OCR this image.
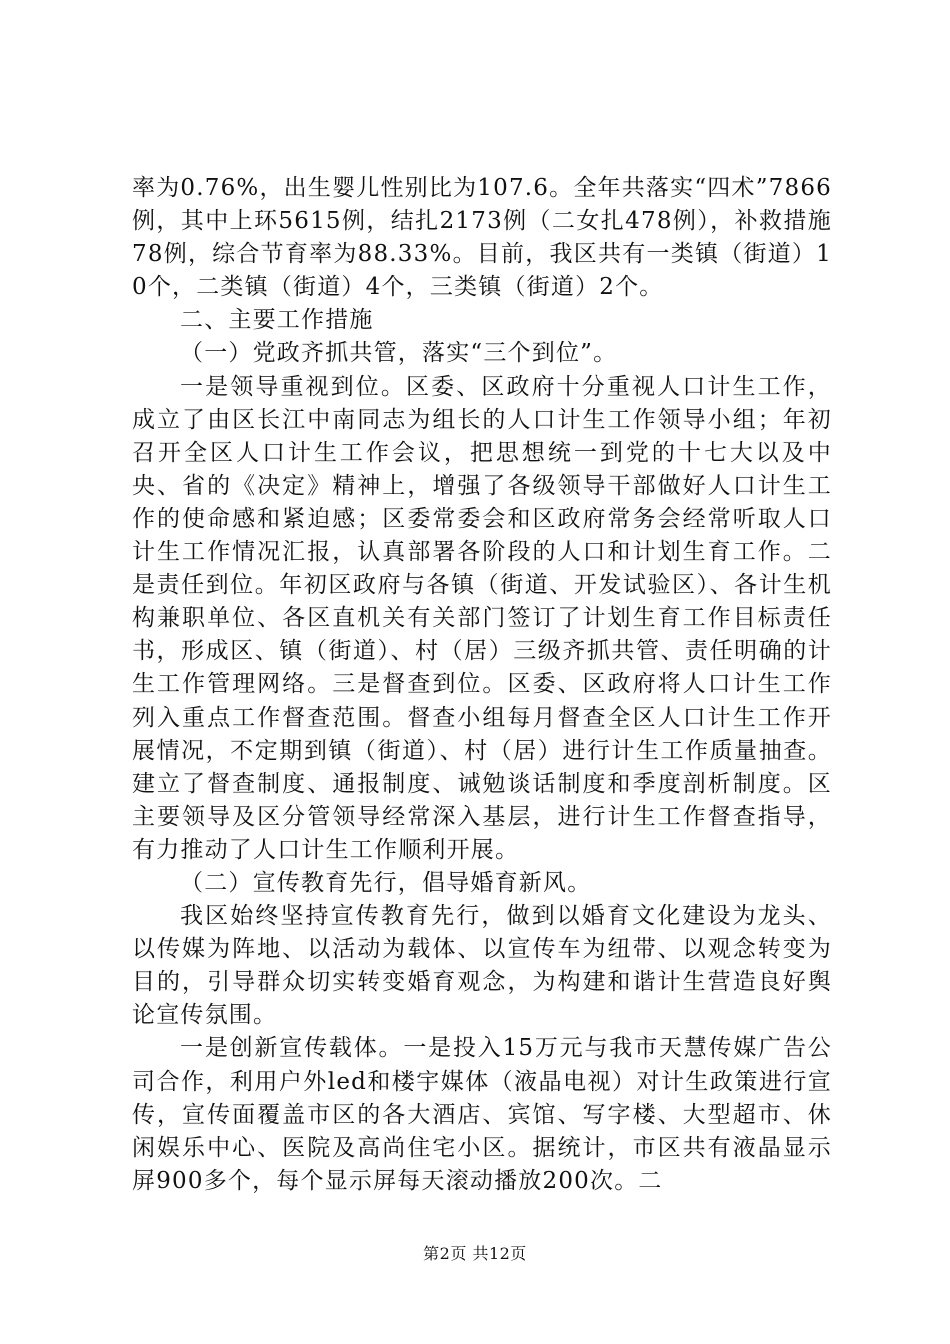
率为0.76%，出生婴儿性别比为107.6。全年共落实“四术”7866例，其中上环5615例，结扎2173例（二女扎478例），补救措施78例，综合节育率为88.33%。目前，我区共有一类镇（街道）10个，二类镇（街道）4个，三类镇（街道）2个。

二、主要工作措施

（一）党政齐抓共管，落实“三个到位”。

一是领导重视到位。区委、区政府十分重视人口计生工作，成立了由区长江中南同志为组长的人口计生工作领导小组；年初召开全区人口计生工作会议，把思想统一到党的十七大以及中央、省的《决定》精神上，增强了各级领导干部做好人口计生工作的使命感和紧迫感；区委常委会和区政府常务会经常听取人口计生工作情况汇报，认真部署各阶段的人口和计划生育工作。二是责任到位。年初区政府与各镇（街道、开发试验区）、各计生机构兼职单位、各区直机关有关部门签订了计划生育工作目标责任书，形成区、镇（街道）、村（居）三级齐抓共管、责任明确的计生工作管理网络。三是督查到位。区委、区政府将人口计生工作列入重点工作督查范围。督查小组每月督查全区人口计生工作开展情况，不定期到镇（街道）、村（居）进行计生工作质量抽查。建立了督查制度、通报制度、诫勉谈话制度和季度剖析制度。区主要领导及区分管领导经常深入基层，进行计生工作督查指导，有力推动了人口计生工作顺利开展。

（二）宣传教育先行，倡导婚育新风。

我区始终坚持宣传教育先行，做到以婚育文化建设为龙头、以传媒为阵地、以活动为载体、以宣传车为纽带、以观念转变为目的，引导群众切实转变婚育观念，为构建和谐计生营造良好舆论宣传氛围。

一是创新宣传载体。一是投入15万元与我市天慧传媒广告公司合作，利用户外led和楼宇媒体（液晶电视）对计生政策进行宣传，宣传面覆盖市区的各大酒店、宾馆、写字楼、大型超市、休闲娱乐中心、医院及高尚住宅小区。据统计，市区共有液晶显示屏900多个，每个显示屏每天滚动播放200次。二

第2页 共12页
